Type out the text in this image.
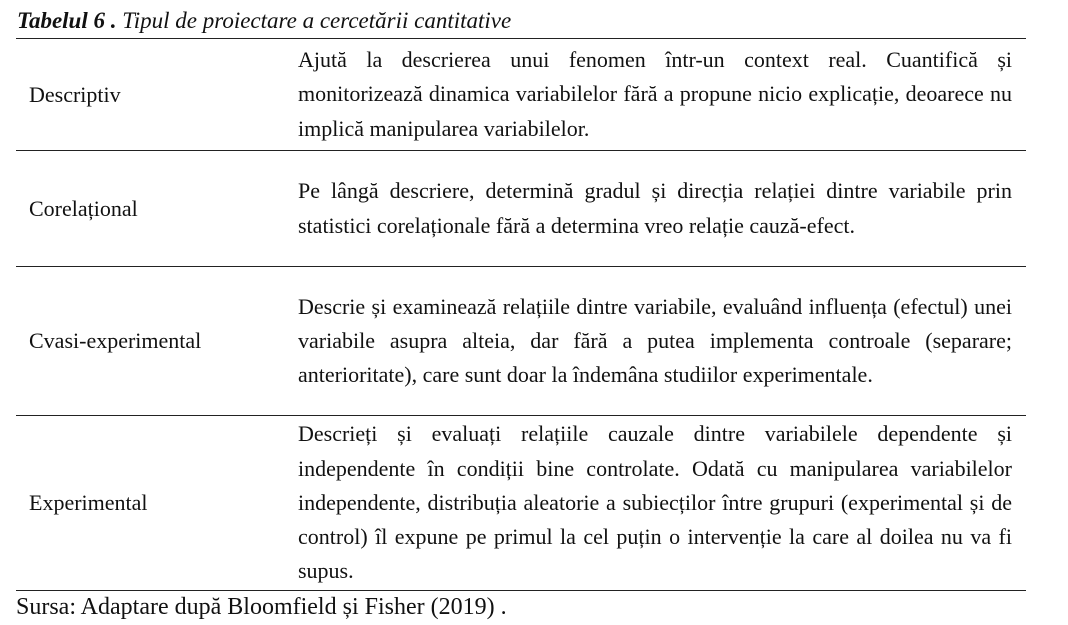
Tabelul 6 . Tipul de proiectare a cercetării cantitative
Descriptiv
Ajută la descrierea unui fenomen într-un context real. Cuantifică și monitorizează dinamica variabilelor fără a propune nicio explicație, deoarece nu implică manipularea variabilelor.
Corelațional
Pe lângă descriere, determină gradul și direcția relației dintre variabile prin statistici corelaționale fără a determina vreo relație cauză-efect.
Cvasi-experimental
Descrie și examinează relațiile dintre variabile, evaluând influența (efectul) unei variabile asupra alteia, dar fără a putea implementa controale (separare; anterioritate), care sunt doar la îndemâna studiilor experimentale.
Experimental
Descrieți și evaluați relațiile cauzale dintre variabilele dependente și independente în condiții bine controlate. Odată cu manipularea variabilelor independente, distribuția aleatorie a subiecților între grupuri (experimental și de control) îl expune pe primul la cel puțin o intervenție la care al doilea nu va fi supus.
Sursa: Adaptare după Bloomfield și Fisher (2019) .
